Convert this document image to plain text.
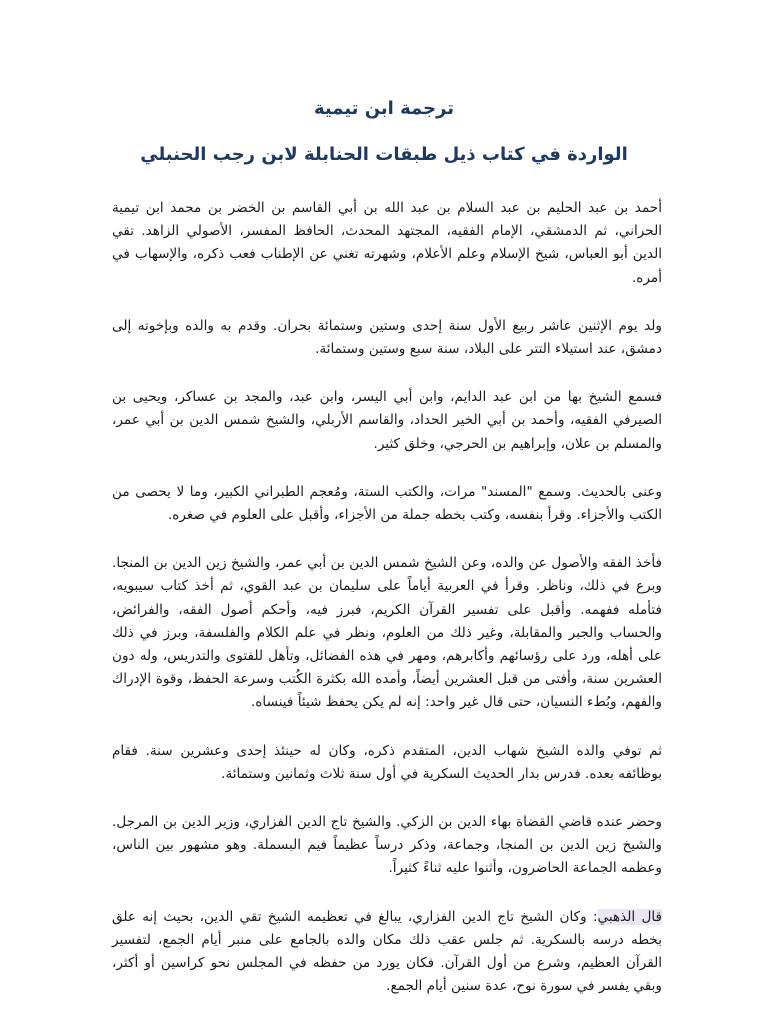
ترجمة ابن تيمية
الواردة في كتاب ذيل طبقات الحنابلة لابن رجب الحنبلي

أحمد بن عبد الحليم بن عبد السلام بن عبد الله بن أبي القاسم بن الخضر بن محمد ابن تيمية الحراني، ثم الدمشقي، الإمام الفقيه، المجتهد المحدث، الحافظ المفسر، الأصولي الزاهد. تقي الدين أبو العباس، شيخ الإسلام وعلم الأعلام، وشهرته تغني عن الإطناب فعب ذكره، والإسهاب في أمره.

ولد يوم الإثنين عاشر ربيع الأول سنة إحدى وستين وستمائة بحران. وقدم به والده وبإخوته إلى دمشق، عند استيلاء التتر على البلاد، سنة سبع وستين وستمائة.

فسمع الشيخ بها من ابن عبد الدايم، وابن أبي اليسر، وابن عبد، والمجد بن عساكر، ويحيى بن الصيرفي الفقيه، وأحمد بن أبي الخير الحداد، والقاسم الأربلي، والشيخ شمس الدين بن أبي عمر، والمسلم بن علان، وإبراهيم بن الحرجي، وخلق كثير.

وعنى بالحديث. وسمع "المسند" مرات، والكتب الستة، ومُعجم الطبراني الكبير، وما لا يحصى من الكتب والأجزاء. وقرأ بنفسه، وكتب بخطه جملة من الأجزاء، وأقبل على العلوم في صغره.

فأخذ الفقه والأصول عن والده، وعن الشيخ شمس الدين بن أبي عمر، والشيخ زين الدين بن المنجا. وبرع في ذلك، وناظر. وقرأ في العربية أياماً على سليمان بن عبد القوي، ثم أخذ كتاب سيبويه، فتأمله ففهمه. وأقبل على تفسير القرآن الكريم، فبرز فيه، وأحكم أصول الفقه، والفرائض، والحساب والجبر والمقابلة، وغير ذلك من العلوم، ونظر في علم الكلام والفلسفة، وبرز في ذلك على أهله، ورد على رؤسائهم وأكابرهم، ومهر في هذه الفضائل، وتأهل للفتوى والتدريس، وله دون العشرين سنة، وأفتى من قبل العشرين أيضاً، وأمده الله بكثرة الكُتب وسرعة الحفظ، وقوة الإدراك والفهم، وبُطء النسيان، حتى قال غير واحد: إنه لم يكن يحفظ شيئاً فينساه.

ثم توفي والده الشيخ شهاب الدين، المتقدم ذكره، وكان له حينئذ إحدى وعشرين سنة. فقام بوظائفه بعده. فدرس بدار الحديث السكرية في أول سنة ثلاث وثمانين وستمائة.

وحضر عنده قاضي القضاة بهاء الدين بن الزكي. والشيخ تاج الدين الفزاري، وزير الدين بن المرجل. والشيخ زين الدين بن المنجا، وجماعة، وذكر درساً عظيماً فيم البسملة. وهو مشهور بين الناس، وعظمه الجماعة الحاضرون، وأثنوا عليه ثناءً كثيراً.

قال الذهبي: وكان الشيخ تاج الدين الفزاري، يبالغ في تعظيمه الشيخ تقي الدين، بحيث إنه علق بخطه درسه بالسكرية. ثم جلس عقب ذلك مكان والده بالجامع على منبر أيام الجمع، لتفسير القرآن العظيم، وشرع من أول القرآن. فكان يورد من حفظه في المجلس نحو كراسين أو أكثر، وبقي يفسر في سورة نوح، عدة سنين أيام الجمع.
